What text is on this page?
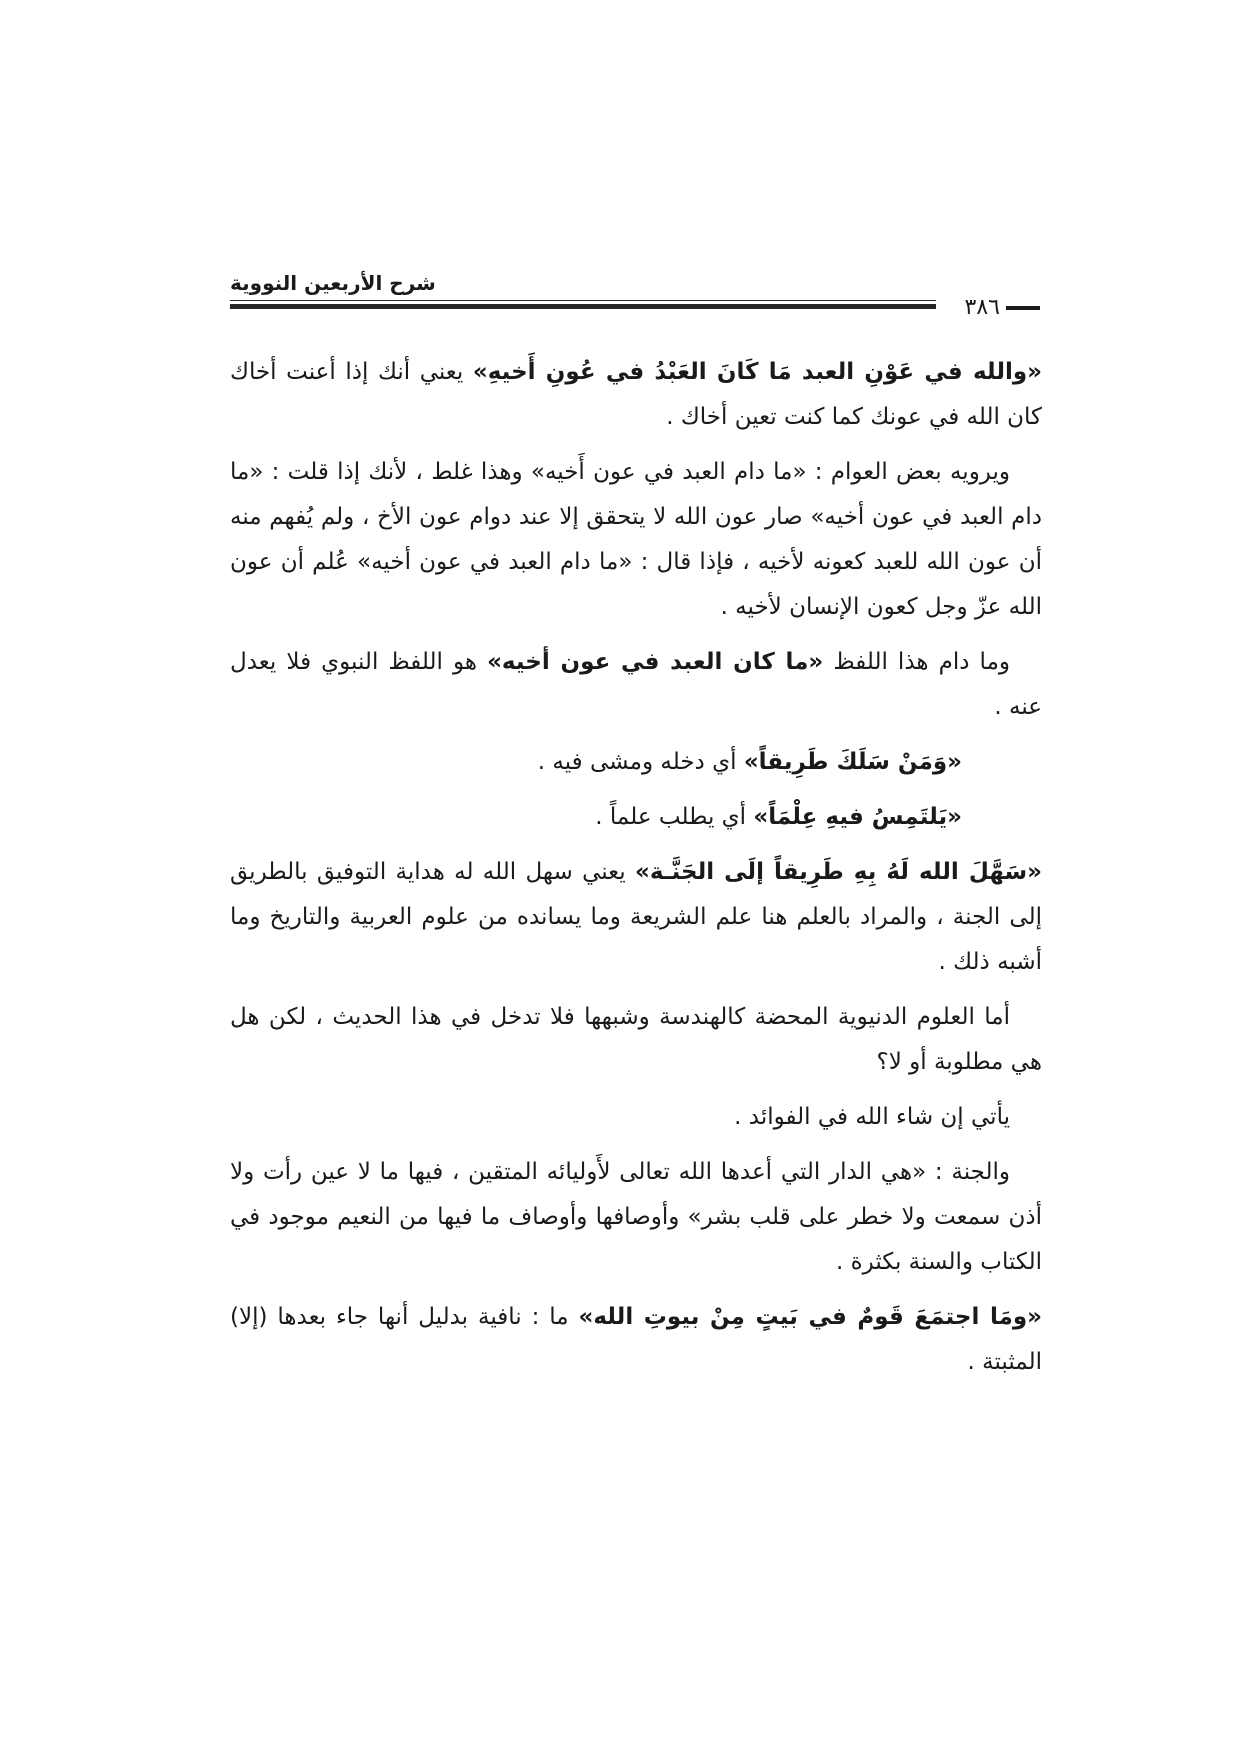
شرح الأربعين النووية
٣٨٦

«والله في عَوْنِ العبد مَا كَانَ العَبْدُ في عُونِ أَخيهِ» يعني أنك إذا أعنت أخاك كان الله في عونك كما كنت تعين أخاك .

ويرويه بعض العوام : «ما دام العبد في عون أَخيه» وهذا غلط ، لأنك إذا قلت : «ما دام العبد في عون أخيه» صار عون الله لا يتحقق إلا عند دوام عون الأخ ، ولم يُفهم منه أن عون الله للعبد كعونه لأخيه ، فإذا قال : «ما دام العبد في عون أخيه» عُلم أن عون الله عزّ وجل كعون الإنسان لأخيه .

وما دام هذا اللفظ «ما كان العبد في عون أخيه» هو اللفظ النبوي فلا يعدل عنه .

«وَمَنْ سَلَكَ طَرِيقاً» أي دخله ومشى فيه .

«يَلتَمِسُ فيهِ عِلْمَاً» أي يطلب علماً .

«سَهَّلَ الله لَهُ بِهِ طَرِيقاً إلَى الجَنَّـة» يعني سهل الله له هداية التوفيق بالطريق إلى الجنة ، والمراد بالعلم هنا علم الشريعة وما يسانده من علوم العربية والتاريخ وما أشبه ذلك .

أما العلوم الدنيوية المحضة كالهندسة وشبهها فلا تدخل في هذا الحديث ، لكن هل هي مطلوبة أو لا؟

يأتي إن شاء الله في الفوائد .

والجنة : «هي الدار التي أعدها الله تعالى لأَوليائه المتقين ، فيها ما لا عين رأت ولا أذن سمعت ولا خطر على قلب بشر» وأوصافها وأوصاف ما فيها من النعيم موجود في الكتاب والسنة بكثرة .

«ومَا اجتمَعَ قَومٌ في بَيتٍ مِنْ بيوتِ الله» ما : نافية بدليل أنها جاء بعدها (إلا) المثبتة .
